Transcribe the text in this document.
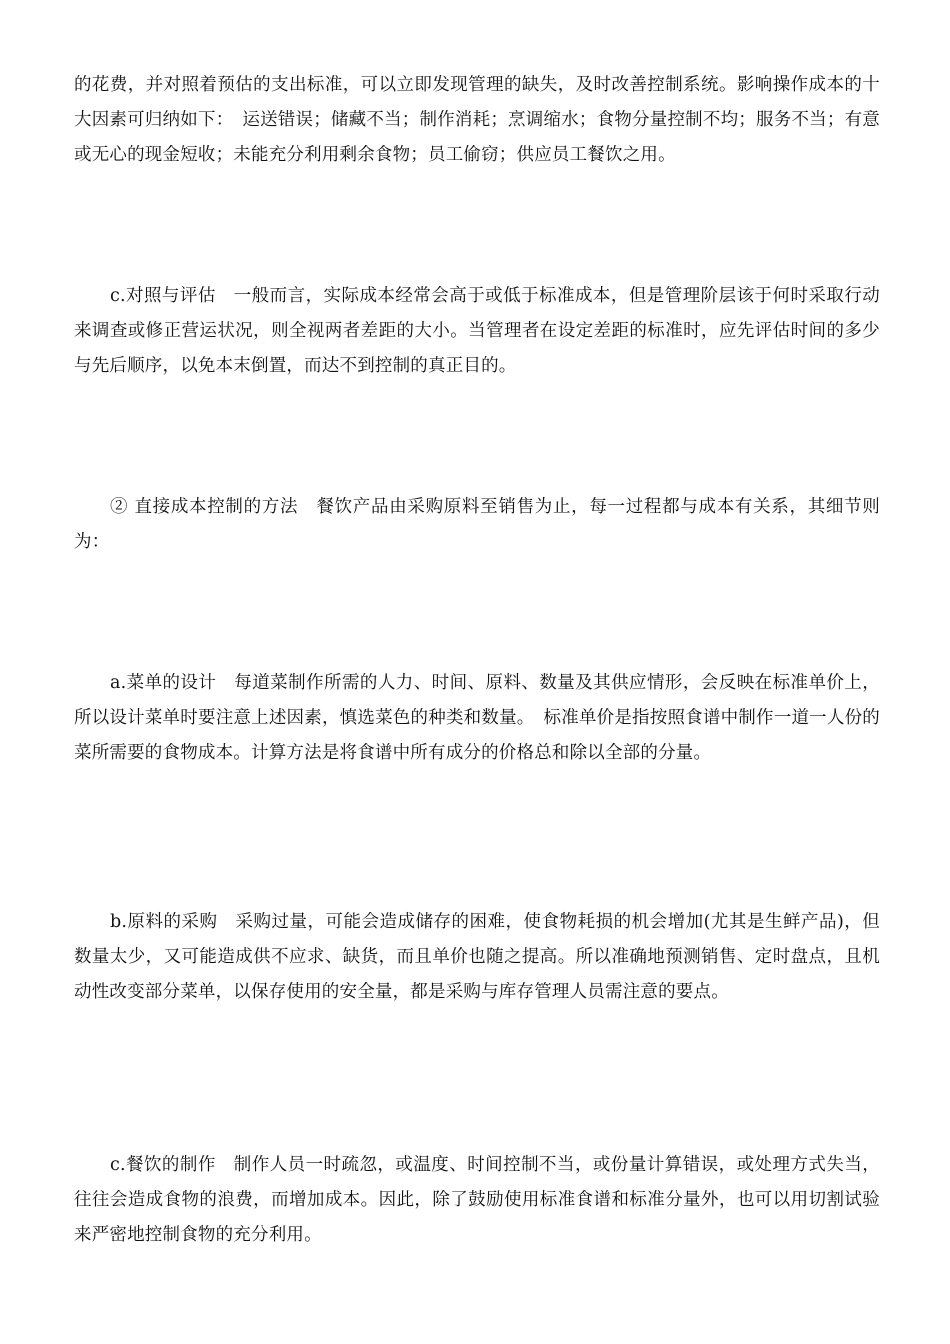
的花费，并对照着预估的支出标准，可以立即发现管理的缺失，及时改善控制系统。影响操作成本的十大因素可归纳如下：　运送错误；储藏不当；制作消耗；烹调缩水；食物分量控制不均；服务不当；有意或无心的现金短收；未能充分利用剩余食物；员工偷窃；供应员工餐饮之用。

c.对照与评估　一般而言，实际成本经常会高于或低于标准成本，但是管理阶层该于何时采取行动来调查或修正营运状况，则全视两者差距的大小。当管理者在设定差距的标准时，应先评估时间的多少与先后顺序，以免本末倒置，而达不到控制的真正目的。

② 直接成本控制的方法　餐饮产品由采购原料至销售为止，每一过程都与成本有关系，其细节则为：

a.菜单的设计　每道菜制作所需的人力、时间、原料、数量及其供应情形，会反映在标准单价上，所以设计菜单时要注意上述因素，慎选菜色的种类和数量。　标准单价是指按照食谱中制作一道一人份的菜所需要的食物成本。计算方法是将食谱中所有成分的价格总和除以全部的分量。

b.原料的采购　采购过量，可能会造成储存的困难，使食物耗损的机会增加(尤其是生鲜产品)，但数量太少，又可能造成供不应求、缺货，而且单价也随之提高。所以准确地预测销售、定时盘点，且机动性改变部分菜单，以保存使用的安全量，都是采购与库存管理人员需注意的要点。

c.餐饮的制作　制作人员一时疏忽，或温度、时间控制不当，或份量计算错误，或处理方式失当，往往会造成食物的浪费，而增加成本。因此，除了鼓励使用标准食谱和标准分量外，也可以用切割试验来严密地控制食物的充分利用。
